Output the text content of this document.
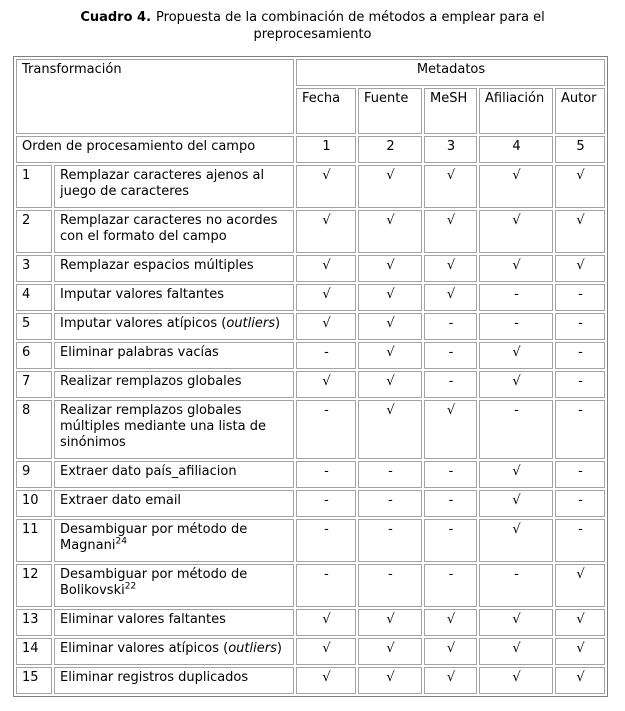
Cuadro 4. Propuesta de la combinación de métodos a emplear para el preprocesamiento
Transformación		Metadatos				
		Fecha	Fuente	MeSH	Afiliación	Autor
Orden de procesamiento del campo		1	2	3	4	5
1	Remplazar caracteres ajenos al juego de caracteres	√	√	√	√	√
2	Remplazar caracteres no acordes con el formato del campo	√	√	√	√	√
3	Remplazar espacios múltiples	√	√	√	√	√
4	Imputar valores faltantes	√	√	√	-	-
5	Imputar valores atípicos (outliers)	√	√	-	-	-
6	Eliminar palabras vacías	-	√	-	√	-
7	Realizar remplazos globales	√	√	-	√	-
8	Realizar remplazos globales múltiples mediante una lista de sinónimos	-	√	√	-	-
9	Extraer dato país_afiliacion	-	-	-	√	-
10	Extraer dato email	-	-	-	√	-
11	Desambiguar por método de Magnani$^{24}$	-	-	-	√	-
12	Desambiguar por método de Bolikovski$^{22}$	-	-	-	-	√
13	Eliminar valores faltantes	√	√	√	√	√
14	Eliminar valores atípicos (outliers)	√	√	√	√	√
15	Eliminar registros duplicados	√	√	√	√	√
